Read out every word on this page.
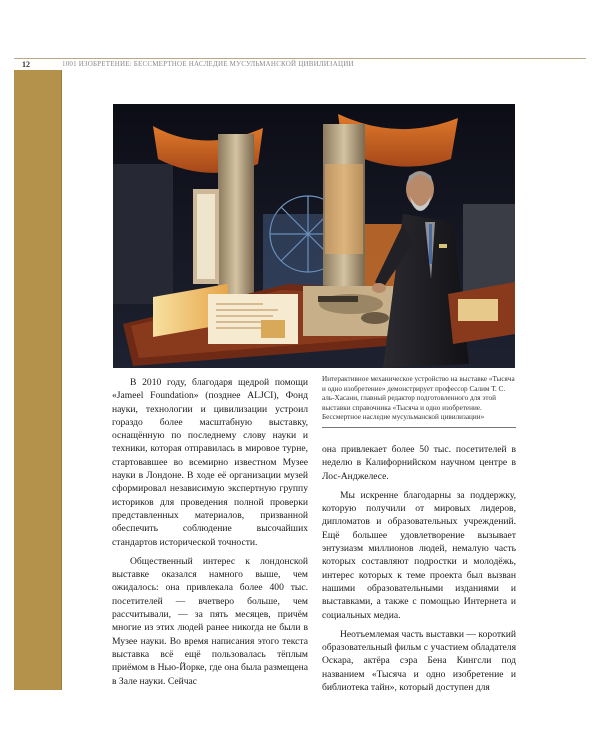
12	1001 ИЗОБРЕТЕНИЕ: БЕССМЕРТНОЕ НАСЛЕДИЕ МУСУЛЬМАНСКОЙ ЦИВИЛИЗАЦИИ
Интерактивное механическое устройство на выставке «Тысяча и одно изобретение» демонстрирует профессор Салим Т. С. аль-Хасани, главный редактор подготовленного для этой выставки справочника «Тысяча и одно изобретение. Бессмертное наследие мусульманской цивилизации»

В 2010 году, благодаря щедрой помощи «Jameel Foundation» (позднее ALJCI), Фонд науки, технологии и цивилизации устроил гораздо более масштабную выставку, оснащённую по последнему слову науки и техники, которая отправилась в мировое турне, стартовавшее во всемирно известном Музее науки в Лондоне. В ходе её организации музей сформировал независимую экспертную группу историков для проведения полной проверки представленных материалов, призванной обеспечить соблюдение высочайших стандартов исторической точности.

Общественный интерес к лондонской выставке оказался намного выше, чем ожидалось: она привлекала более 400 тыс. посетителей — вчетверо больше, чем рассчитывали, — за пять месяцев, причём многие из этих людей ранее никогда не были в Музее науки. Во время написания этого текста выставка всё ещё пользовалась тёплым приёмом в Нью-Йорке, где она была размещена в Зале науки. Сейчас

она привлекает более 50 тыс. посетителей в неделю в Калифорнийском научном центре в Лос-Анджелесе.

Мы искренне благодарны за поддержку, которую получили от мировых лидеров, дипломатов и образовательных учреждений. Ещё большее удовлетворение вызывает энтузиазм миллионов людей, немалую часть которых составляют подростки и молодёжь, интерес которых к теме проекта был вызван нашими образовательными изданиями и выставками, а также с помощью Интернета и социальных медиа.

Неотъемлемая часть выставки — короткий образовательный фильм с участием обладателя Оскара, актёра сэра Бена Кингсли под названием «Тысяча и одно изобретение и библиотека тайн», который доступен для
